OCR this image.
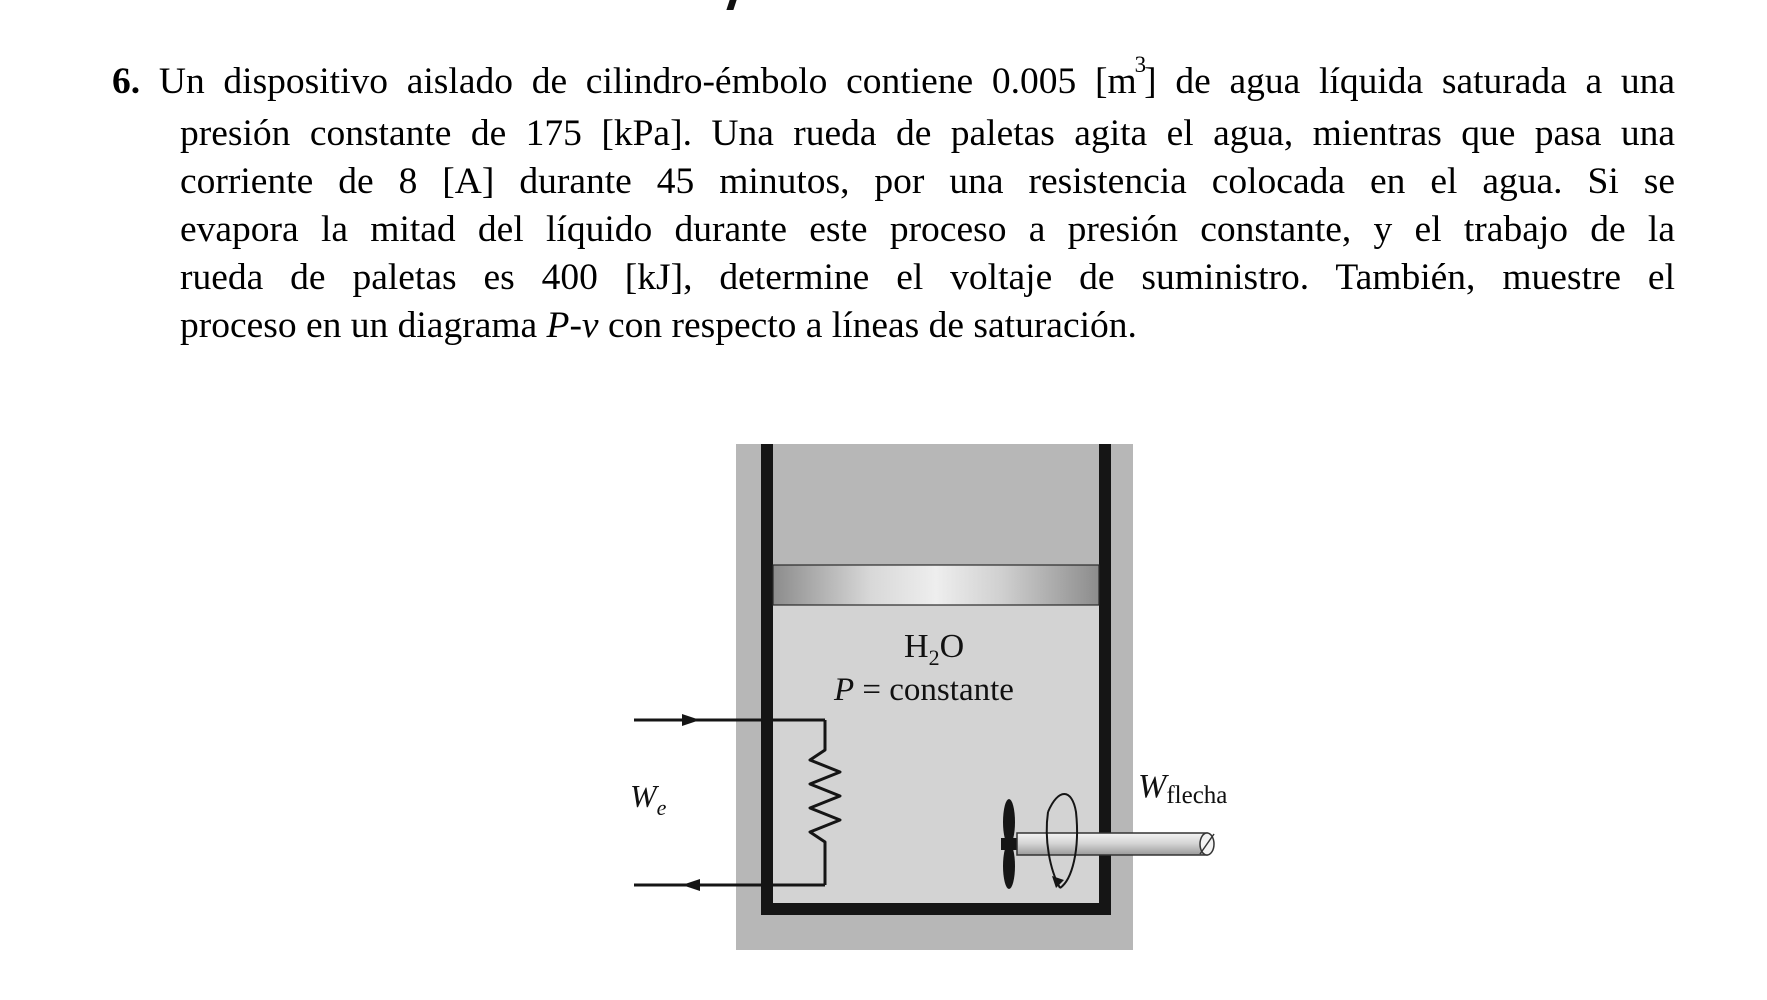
6. Un dispositivo aislado de cilindro-émbolo contiene 0.005 $[m^3]$ de agua líquida saturada a una

presión constante de 175 [kPa]. Una rueda de paletas agita el agua, mientras que pasa una

corriente de 8 [A] durante 45 minutos, por una resistencia colocada en el agua. Si se

evapora la mitad del líquido durante este proceso a presión constante, y el trabajo de la

rueda de paletas es 400 [kJ], determine el voltaje de suministro. También, muestre el

proceso en un diagrama P-v con respecto a líneas de saturación.

$H_2O$
P = constante
$W_e$
Wflecha
